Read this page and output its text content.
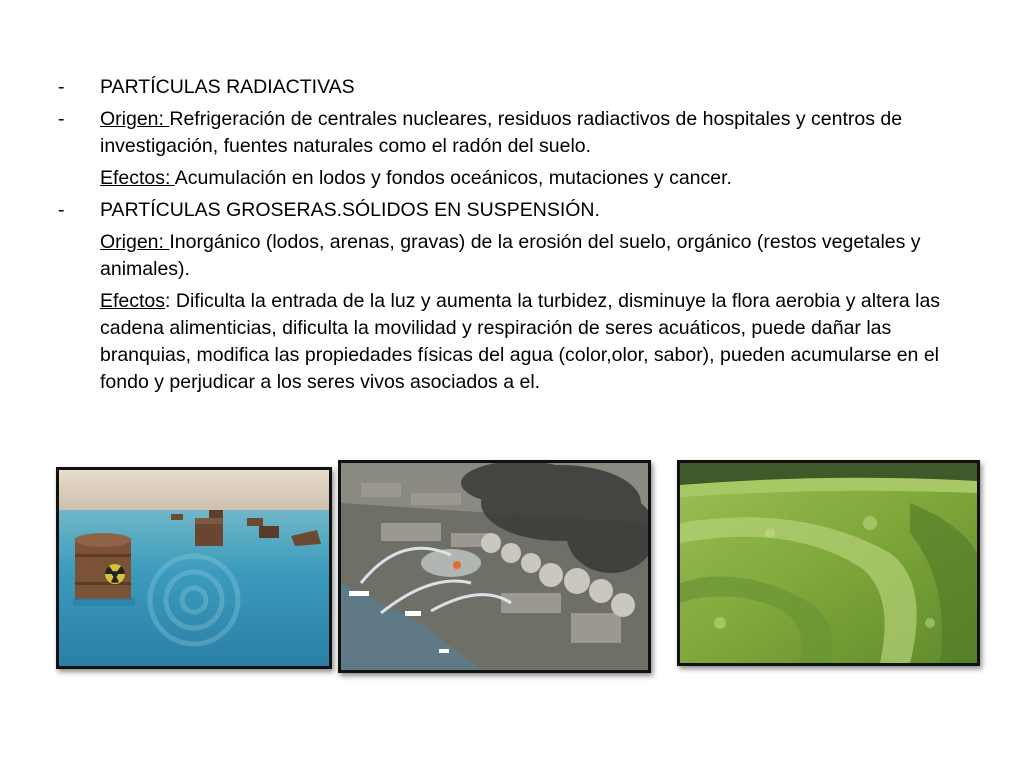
- PARTÍCULAS RADIACTIVAS
- Origen: Refrigeración de centrales nucleares, residuos radiactivos de hospitales y centros de investigación, fuentes naturales como el radón del suelo.
Efectos: Acumulación en lodos y fondos oceánicos, mutaciones y cancer.
- PARTÍCULAS GROSERAS.SÓLIDOS EN SUSPENSIÓN.
Origen: Inorgánico (lodos, arenas, gravas) de la erosión del suelo, orgánico (restos vegetales y animales).
Efectos: Dificulta la entrada de la luz y aumenta la turbidez, disminuye la flora aerobia y altera las cadena alimenticias, dificulta la movilidad y respiración de seres acuáticos, puede dañar las branquias, modifica las propiedades físicas del agua (color,olor, sabor), pueden acumularse en el fondo y perjudicar a los seres vivos asociados a el.
